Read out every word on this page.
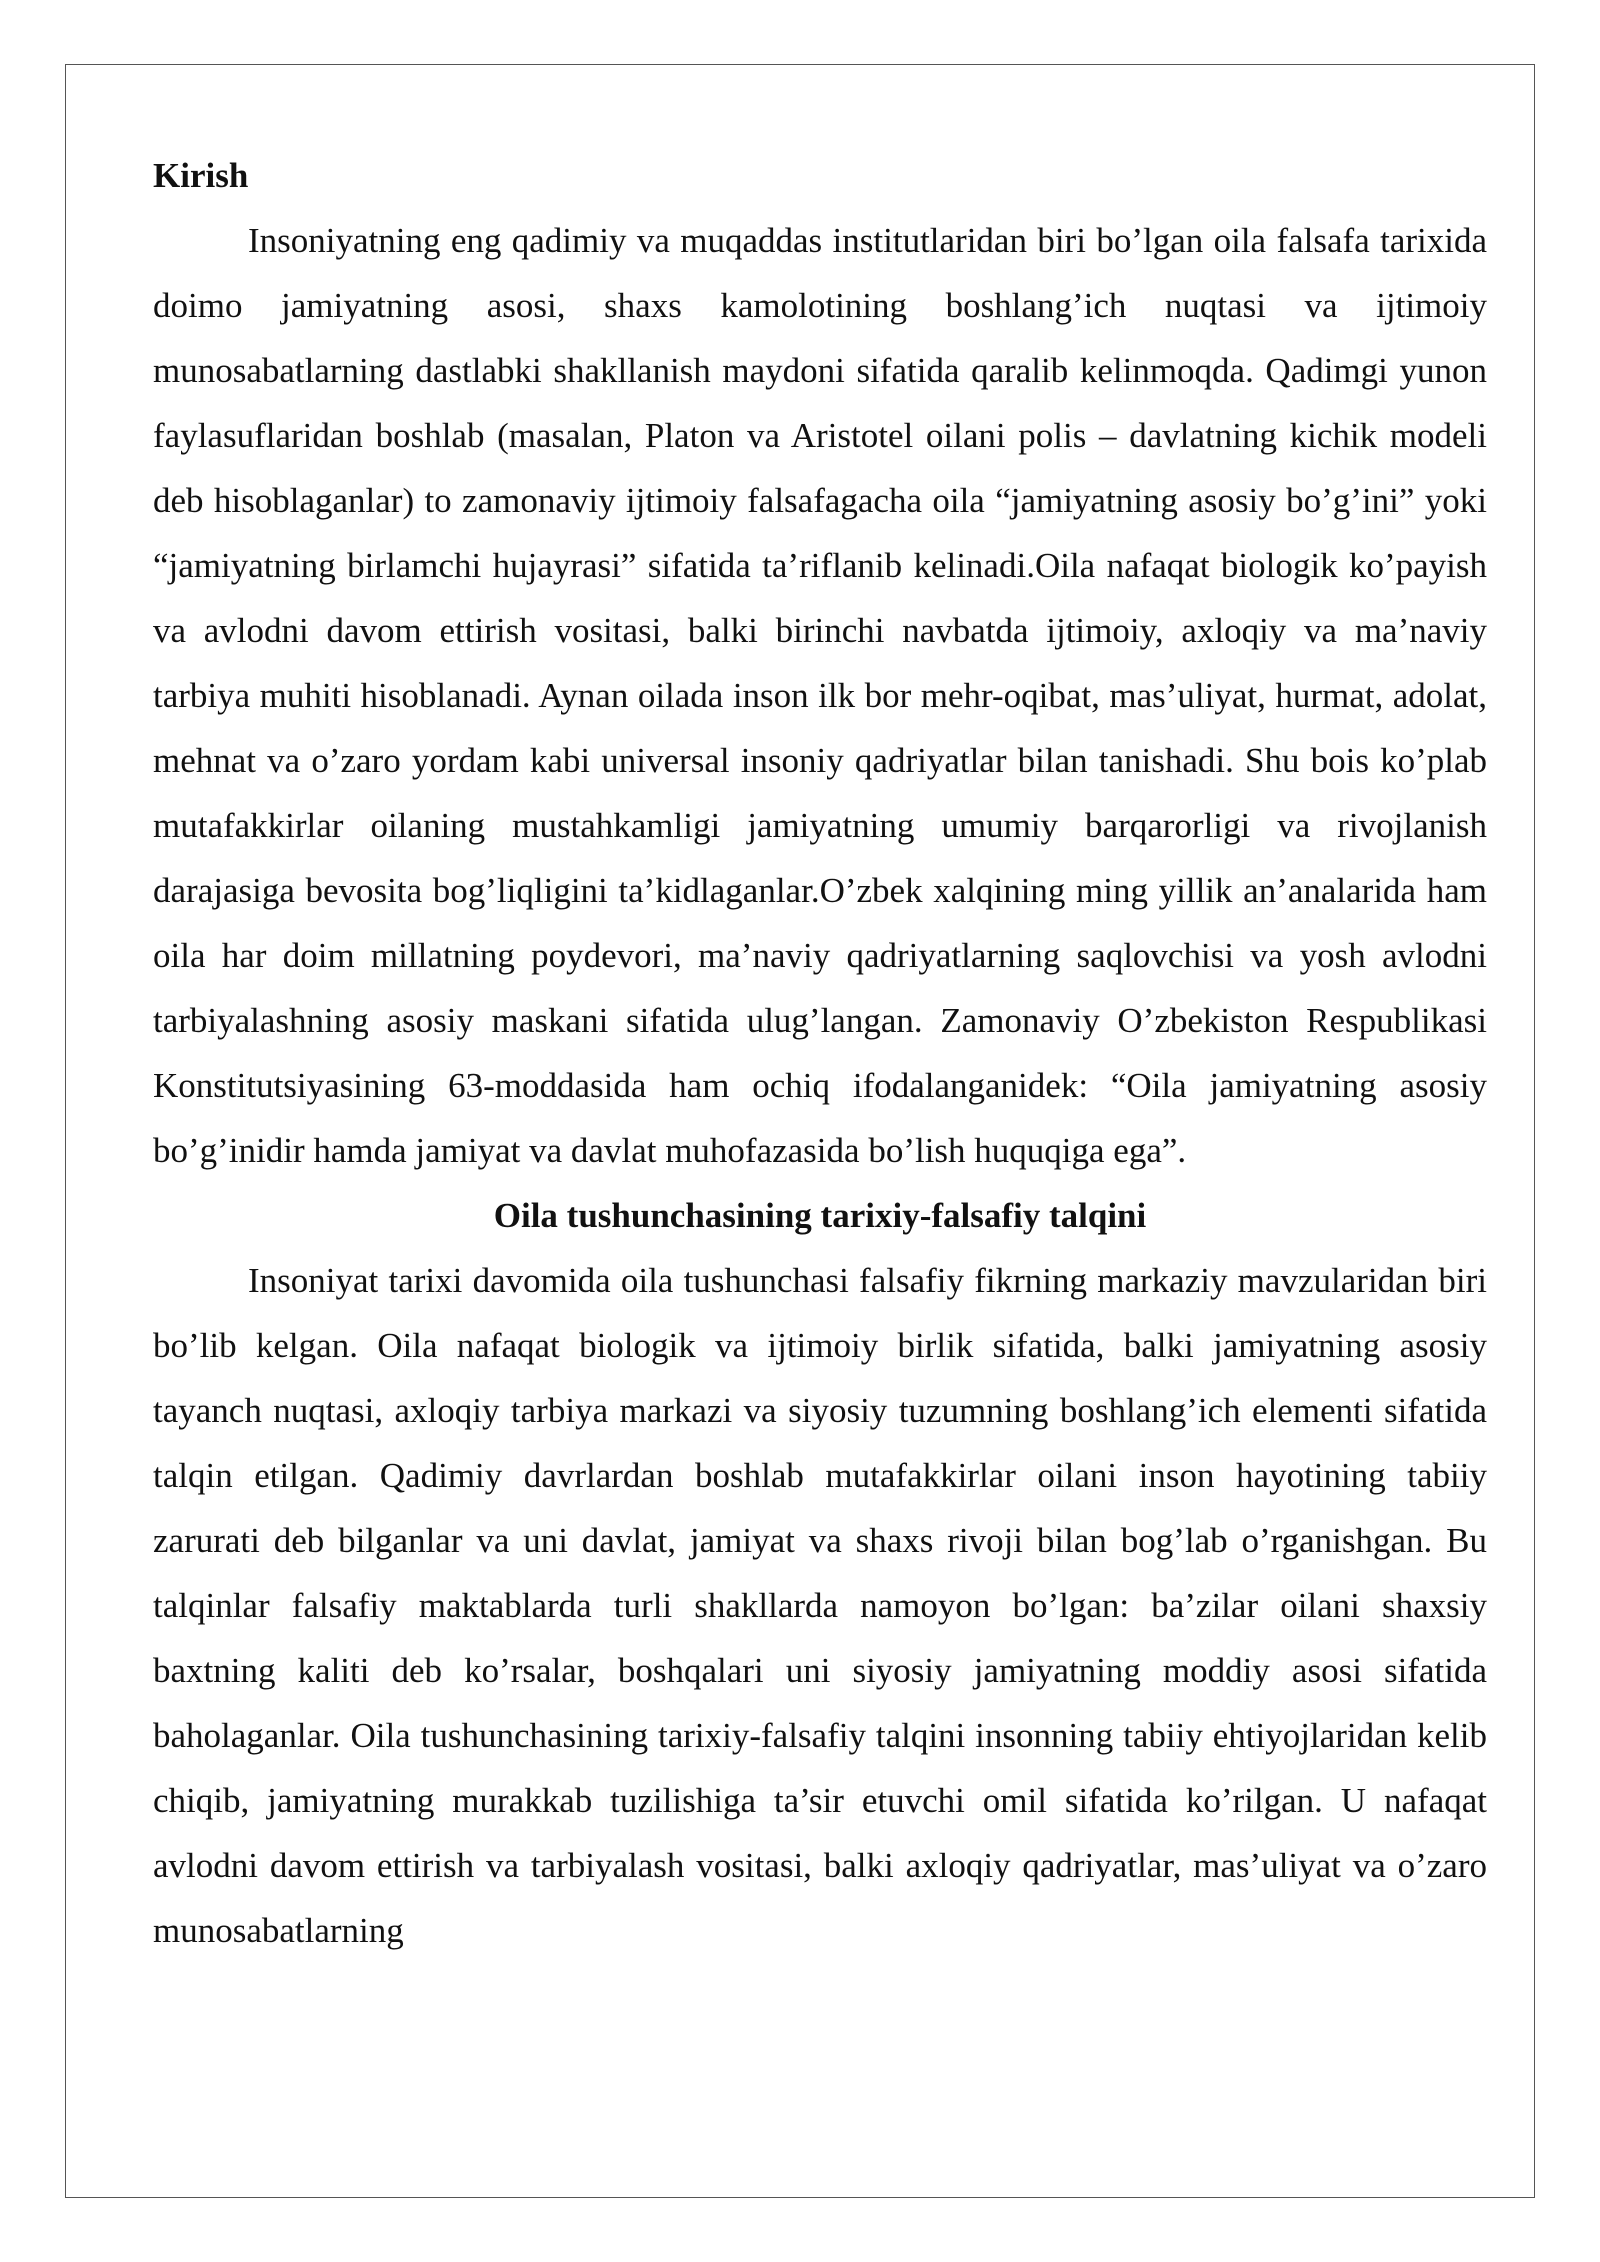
Kirish

Insoniyatning eng qadimiy va muqaddas institutlaridan biri bo’lgan oila falsafa tarixida doimo jamiyatning asosi, shaxs kamolotining boshlang’ich nuqtasi va ijtimoiy munosabatlarning dastlabki shakllanish maydoni sifatida qaralib kelinmoqda. Qadimgi yunon faylasuflaridan boshlab (masalan, Platon va Aristotel oilani polis – davlatning kichik modeli deb hisoblaganlar) to zamonaviy ijtimoiy falsafagacha oila “jamiyatning asosiy bo’g’ini” yoki “jamiyatning birlamchi hujayrasi” sifatida ta’riflanib kelinadi.Oila nafaqat biologik ko’payish va avlodni davom ettirish vositasi, balki birinchi navbatda ijtimoiy, axloqiy va ma’naviy tarbiya muhiti hisoblanadi. Aynan oilada inson ilk bor mehr-oqibat, mas’uliyat, hurmat, adolat, mehnat va o’zaro yordam kabi universal insoniy qadriyatlar bilan tanishadi. Shu bois ko’plab mutafakkirlar oilaning mustahkamligi jamiyatning umumiy barqarorligi va rivojlanish darajasiga bevosita bog’liqligini ta’kidlaganlar.O’zbek xalqining ming yillik an’analarida ham oila har doim millatning poydevori, ma’naviy qadriyatlarning saqlovchisi va yosh avlodni tarbiyalashning asosiy maskani sifatida ulug’langan. Zamonaviy O’zbekiston Respublikasi Konstitutsiyasining 63-moddasida ham ochiq ifodalanganidek: “Oila jamiyatning asosiy bo’g’inidir hamda jamiyat va davlat muhofazasida bo’lish huquqiga ega”.

Oila tushunchasining tarixiy-falsafiy talqini

Insoniyat tarixi davomida oila tushunchasi falsafiy fikrning markaziy mavzularidan biri bo’lib kelgan. Oila nafaqat biologik va ijtimoiy birlik sifatida, balki jamiyatning asosiy tayanch nuqtasi, axloqiy tarbiya markazi va siyosiy tuzumning boshlang’ich elementi sifatida talqin etilgan. Qadimiy davrlardan boshlab mutafakkirlar oilani inson hayotining tabiiy zarurati deb bilganlar va uni davlat, jamiyat va shaxs rivoji bilan bog’lab o’rganishgan. Bu talqinlar falsafiy maktablarda turli shakllarda namoyon bo’lgan: ba’zilar oilani shaxsiy baxtning kaliti deb ko’rsalar, boshqalari uni siyosiy jamiyatning moddiy asosi sifatida baholaganlar. Oila tushunchasining tarixiy-falsafiy talqini insonning tabiiy ehtiyojlaridan kelib chiqib, jamiyatning murakkab tuzilishiga ta’sir etuvchi omil sifatida ko’rilgan. U nafaqat avlodni davom ettirish va tarbiyalash vositasi, balki axloqiy qadriyatlar, mas’uliyat va o’zaro munosabatlarning
